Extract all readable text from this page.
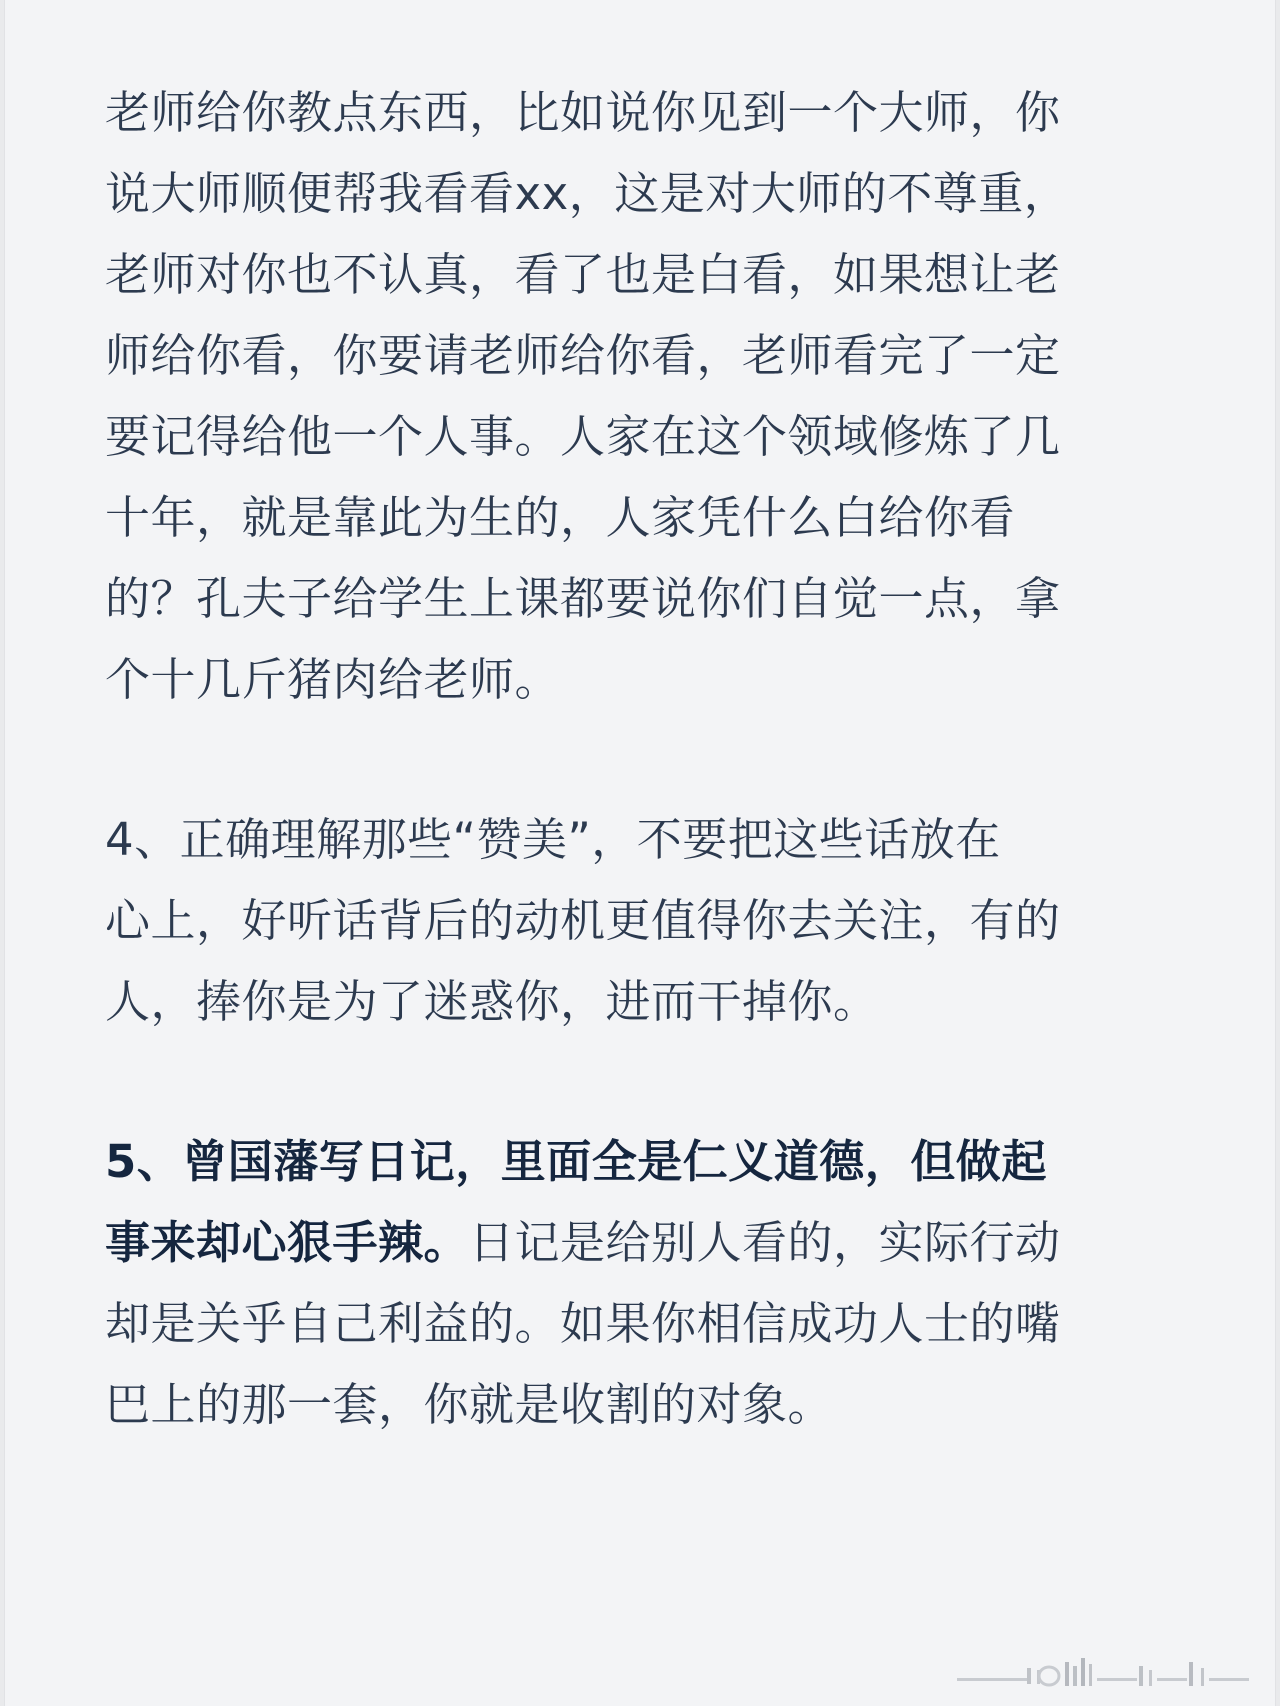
老师给你教点东西，比如说你见到一个大师，你
说大师顺便帮我看看xx，这是对大师的不尊重，
老师对你也不认真，看了也是白看，如果想让老
师给你看，你要请老师给你看，老师看完了一定
要记得给他一个人事。人家在这个领域修炼了几
十年，就是靠此为生的，人家凭什么白给你看
的？孔夫子给学生上课都要说你们自觉一点，拿
个十几斤猪肉给老师。

4、正确理解那些“赞美”，不要把这些话放在
心上，好听话背后的动机更值得你去关注，有的
人，捧你是为了迷惑你，进而干掉你。

5、曾国藩写日记，里面全是仁义道德，但做起
事来却心狠手辣。日记是给别人看的，实际行动
却是关乎自己利益的。如果你相信成功人士的嘴
巴上的那一套，你就是收割的对象。
